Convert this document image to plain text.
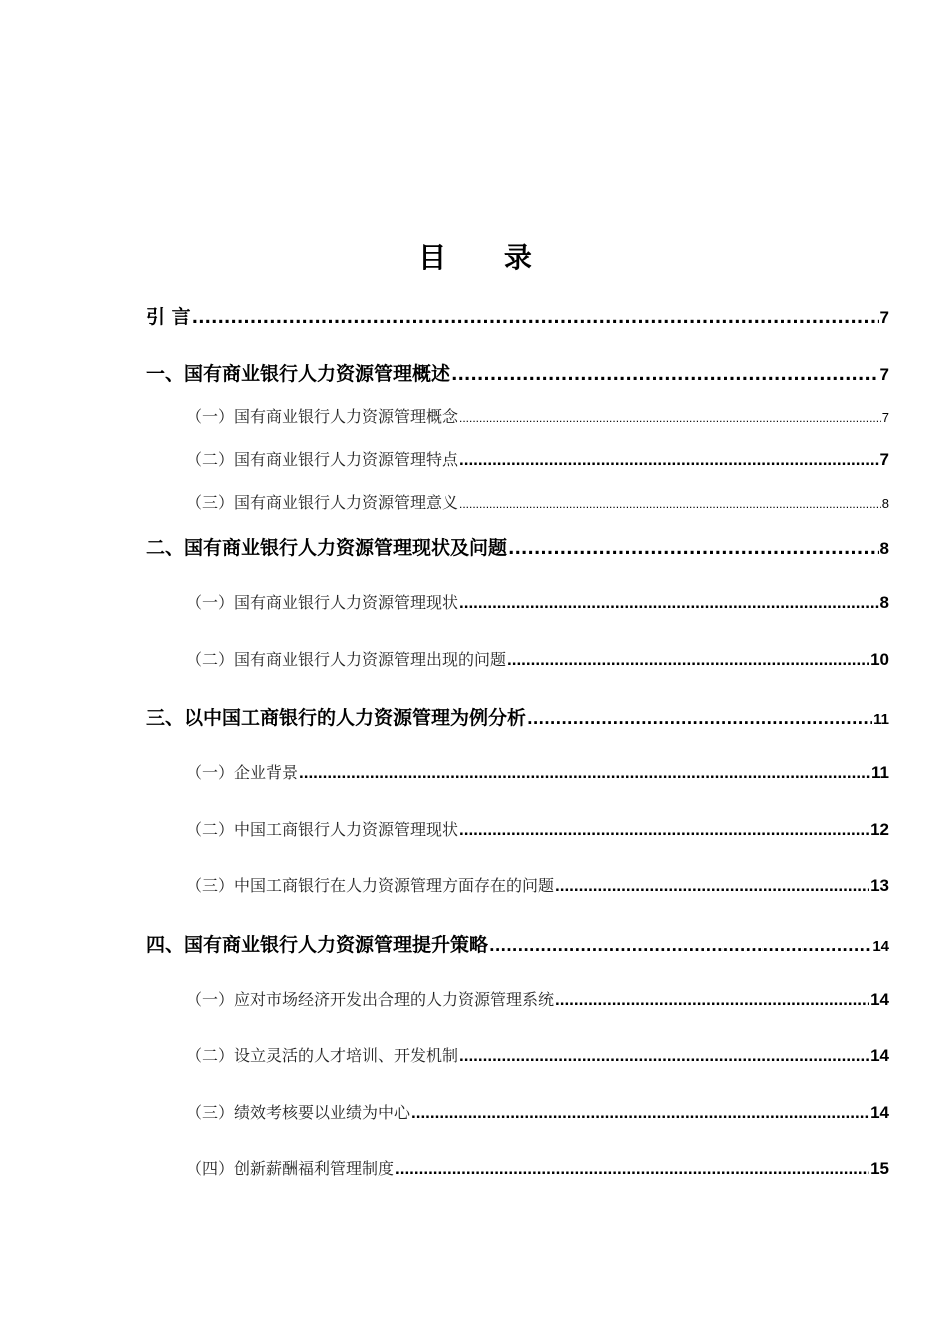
目 录
引 言 .....	7
一、国有商业银行人力资源管理概述 .....	7
（一）国有商业银行人力资源管理概念 .....	7
（二）国有商业银行人力资源管理特点 .....	7
（三）国有商业银行人力资源管理意义 .....	8
二、国有商业银行人力资源管理现状及问题 .....	8
（一）国有商业银行人力资源管理现状 .....	8
（二）国有商业银行人力资源管理出现的问题 .....	10
三、以中国工商银行的人力资源管理为例分析 .....	11
（一）企业背景 .....	11
（二）中国工商银行人力资源管理现状 .....	12
（三）中国工商银行在人力资源管理方面存在的问题 .....	13
四、国有商业银行人力资源管理提升策略 .....	14
（一）应对市场经济开发出合理的人力资源管理系统 .....	14
（二）设立灵活的人才培训、开发机制 .....	14
（三）绩效考核要以业绩为中心 .....	14
（四）创新薪酬福利管理制度 .....	15
